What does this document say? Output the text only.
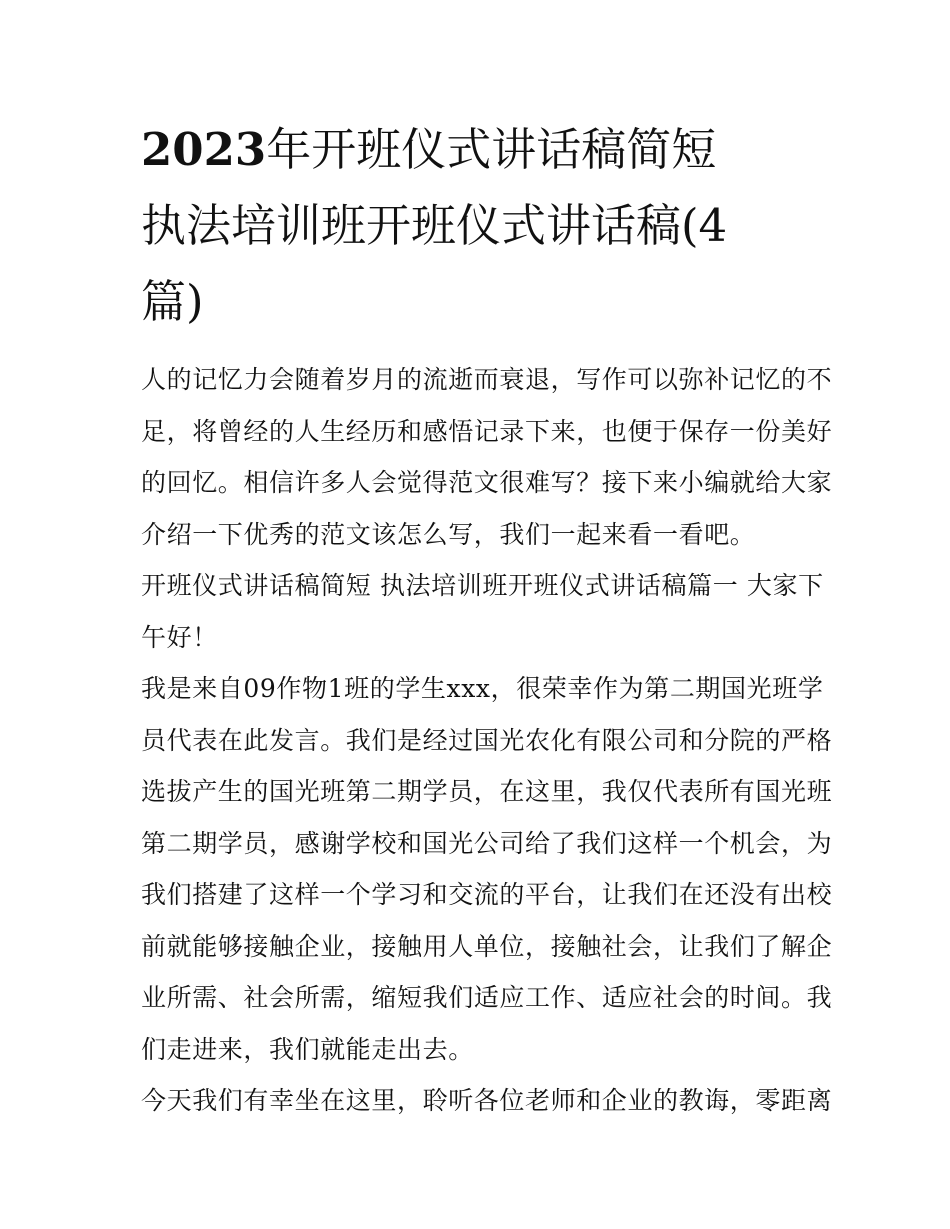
2023年开班仪式讲话稿简短
执法培训班开班仪式讲话稿(4
篇)
人的记忆力会随着岁月的流逝而衰退，写作可以弥补记忆的不
足，将曾经的人生经历和感悟记录下来，也便于保存一份美好
的回忆。相信许多人会觉得范文很难写？接下来小编就给大家
介绍一下优秀的范文该怎么写，我们一起来看一看吧。
开班仪式讲话稿简短 执法培训班开班仪式讲话稿篇一 大家下
午好！
我是来自09作物1班的学生xxx，很荣幸作为第二期国光班学
员代表在此发言。我们是经过国光农化有限公司和分院的严格
选拔产生的国光班第二期学员，在这里，我仅代表所有国光班
第二期学员，感谢学校和国光公司给了我们这样一个机会，为
我们搭建了这样一个学习和交流的平台，让我们在还没有出校
前就能够接触企业，接触用人单位，接触社会，让我们了解企
业所需、社会所需，缩短我们适应工作、适应社会的时间。我
们走进来，我们就能走出去。
今天我们有幸坐在这里，聆听各位老师和企业的教诲，零距离
